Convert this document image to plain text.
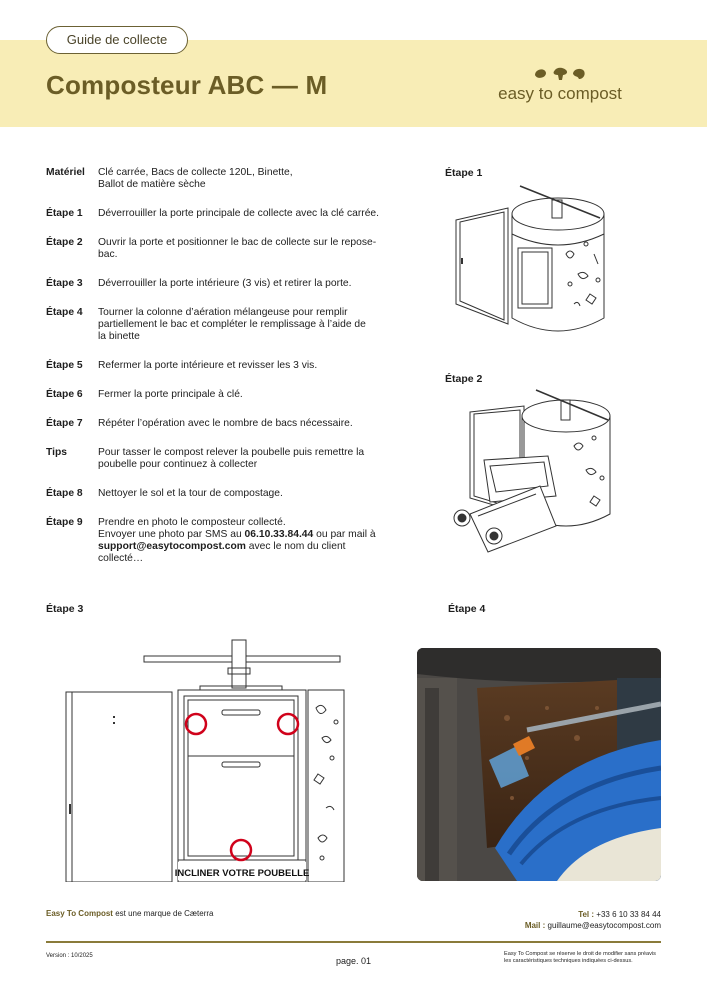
Guide de collecte
Composteur ABC — M	easy to compost
Matériel	Clé carrée, Bacs de collecte 120L, Binette,
Ballot de matière sèche
Étape 1	Déverrouiller la porte principale de collecte avec la clé carrée.
Étape 2	Ouvrir la porte et positionner le bac de collecte sur le repose-
bac.
Étape 3	Déverrouiller la porte intérieure (3 vis) et retirer la porte.
Étape 4	Tourner la colonne d’aération mélangeuse pour remplir
partiellement le bac et compléter le remplissage à l’aide de
la binette
Étape 5	Refermer la porte intérieure et revisser les 3 vis.
Étape 6	Fermer la porte principale à clé.
Étape 7	Répéter l’opération avec le nombre de bacs nécessaire.
Tips	Pour tasser le compost relever la poubelle puis remettre la
poubelle pour continuez à collecter
Étape 8	Nettoyer le sol et la tour de compostage.
Étape 9	Prendre en photo le composteur collecté.
Envoyer une photo par SMS au 06.10.33.84.44 ou par mail à
support@easytocompost.com avec le nom du client
collecté…
Étape 1
Étape 2
Étape 3	Étape 4
INCLINER VOTRE POUBELLE
Easy To Compost est une marque de Cæterra	Tel : +33 6 10 33 84 44
Mail : guillaume@easytocompost.com
Version : 10/2025	page. 01
Easy To Compost se réserve le droit de modifier sans préavis les caractéristiques techniques indiquées ci-dessus.
